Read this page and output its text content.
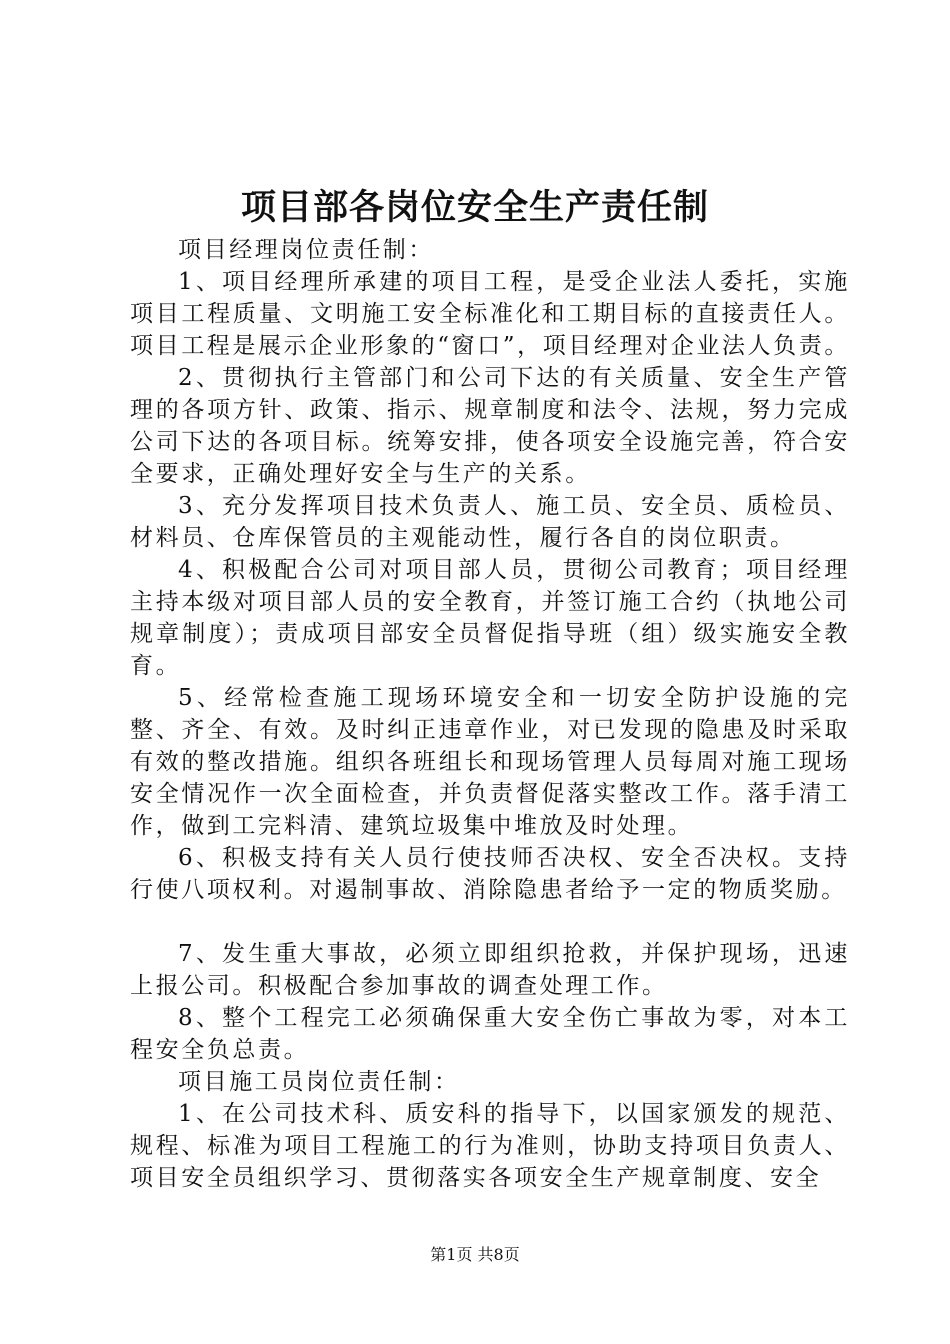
项目部各岗位安全生产责任制

项目经理岗位责任制：

1、项目经理所承建的项目工程，是受企业法人委托，实施项目工程质量、文明施工安全标准化和工期目标的直接责任人。项目工程是展示企业形象的“窗口”，项目经理对企业法人负责。

2、贯彻执行主管部门和公司下达的有关质量、安全生产管理的各项方针、政策、指示、规章制度和法令、法规，努力完成公司下达的各项目标。统筹安排，使各项安全设施完善，符合安全要求，正确处理好安全与生产的关系。

3、充分发挥项目技术负责人、施工员、安全员、质检员、材料员、仓库保管员的主观能动性，履行各自的岗位职责。

4、积极配合公司对项目部人员，贯彻公司教育；项目经理主持本级对项目部人员的安全教育，并签订施工合约（执地公司规章制度）；责成项目部安全员督促指导班（组）级实施安全教育。

5、经常检查施工现场环境安全和一切安全防护设施的完整、齐全、有效。及时纠正违章作业，对已发现的隐患及时采取有效的整改措施。组织各班组长和现场管理人员每周对施工现场安全情况作一次全面检查，并负责督促落实整改工作。落手清工作，做到工完料清、建筑垃圾集中堆放及时处理。

6、积极支持有关人员行使技师否决权、安全否决权。支持行使八项权利。对遏制事故、消除隐患者给予一定的物质奖励。

7、发生重大事故，必须立即组织抢救，并保护现场，迅速上报公司。积极配合参加事故的调查处理工作。

8、整个工程完工必须确保重大安全伤亡事故为零，对本工程安全负总责。

项目施工员岗位责任制：

1、在公司技术科、质安科的指导下，以国家颁发的规范、规程、标准为项目工程施工的行为准则，协助支持项目负责人、项目安全员组织学习、贯彻落实各项安全生产规章制度、安全

第1页 共8页
